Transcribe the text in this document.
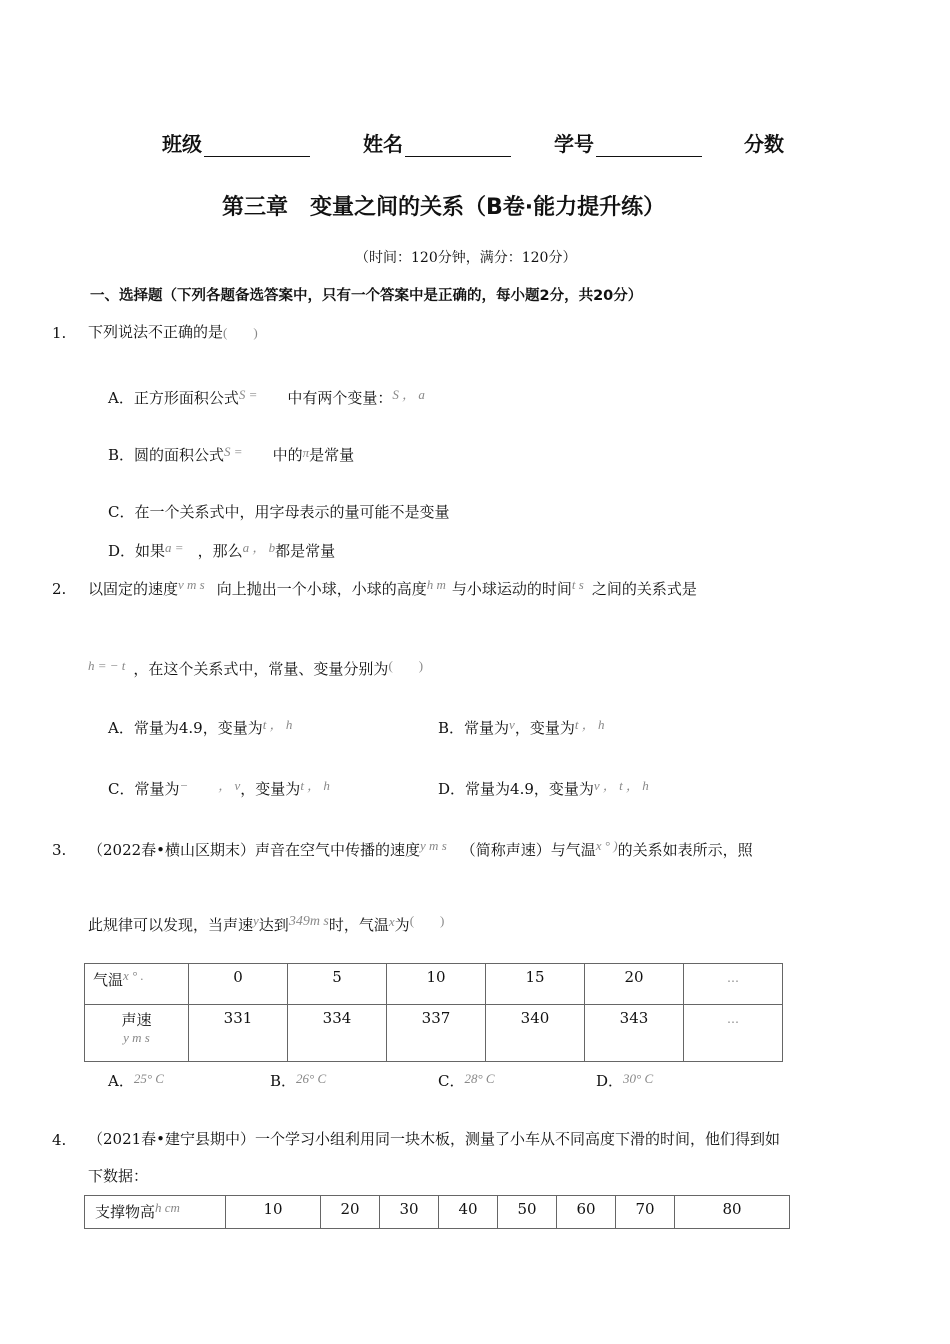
班级	姓名	学号	分数
第三章　变量之间的关系（B卷·能力提升练）
（时间：120分钟，满分：120分）
一、选择题（下列各题备选答案中，只有一个答案中是正确的，每小题2分，共20分）
1. 下列说法不正确的是(　　)
A．正方形面积公式S = 中有两个变量：S ， a
B．圆的面积公式S = 中的π是常量
C．在一个关系式中，用字母表示的量可能不是变量
D．如果a = ，那么a ， b都是常量
2. 以固定的速度v m s 向上抛出一个小球，小球的高度h m 与小球运动的时间t s 之间的关系式是
h = − t ，在这个关系式中，常量、变量分别为(　　)
A．常量为4.9，变量为t ， h	B．常量为v，变量为t ， h
C．常量为− ， v，变量为t ， h	D．常量为4.9，变量为v ， t ， h
3. （2022春•横山区期末）声音在空气中传播的速度y m s （简称声速）与气温x ° )的关系如表所示，照
此规律可以发现，当声速y达到349m s时，气温x为(　　)
气温x ° .	0	5	10	15	20	…

声速
y m s	331	334	337	340	343	…
A．25° C	B．26° C	C．28° C	D．30° C
4. （2021春•建宁县期中）一个学习小组利用同一块木板，测量了小车从不同高度下滑的时间，他们得到如
下数据：
支撑物高h cm	10	20	30	40	50	60	70	80
